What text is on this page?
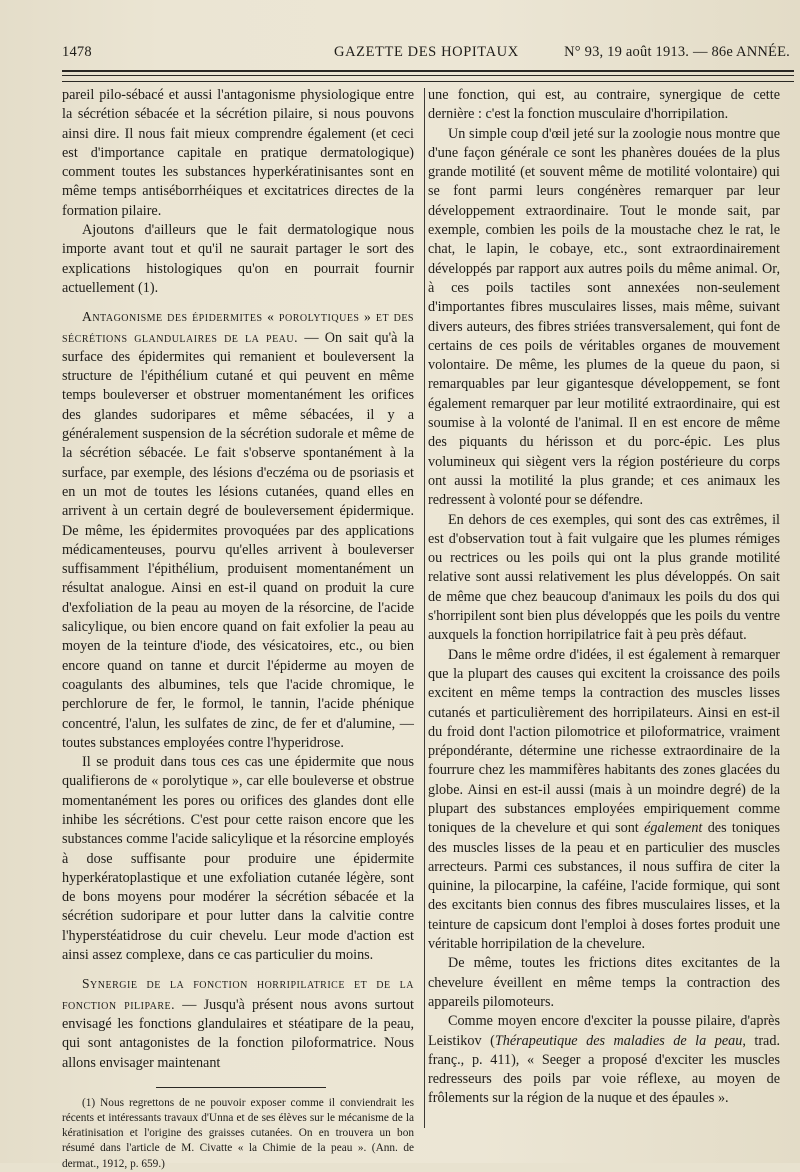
1478	GAZETTE DES HOPITAUX	N° 93, 19 août 1913. — 86e ANNÉE.

pareil pilo-sébacé et aussi l'antagonisme physiologique entre la sécrétion sébacée et la sécrétion pilaire, si nous pouvons ainsi dire. Il nous fait mieux comprendre également (et ceci est d'importance capitale en pratique dermatologique) comment toutes les substances hyperkératinisantes sont en même temps antiséborrhéiques et excitatrices directes de la formation pilaire.

Ajoutons d'ailleurs que le fait dermatologique nous importe avant tout et qu'il ne saurait partager le sort des explications histologiques qu'on en pourrait fournir actuellement (1).

Antagonisme des épidermites « porolytiques » et des sécrétions glandulaires de la peau. — On sait qu'à la surface des épidermites qui remanient et bouleversent la structure de l'épithélium cutané et qui peuvent en même temps bouleverser et obstruer momentanément les orifices des glandes sudoripares et même sébacées, il y a généralement suspension de la sécrétion sudorale et même de la sécrétion sébacée. Le fait s'observe spontanément à la surface, par exemple, des lésions d'eczéma ou de psoriasis et en un mot de toutes les lésions cutanées, quand elles en arrivent à un certain degré de bouleversement épidermique. De même, les épidermites provoquées par des applications médicamenteuses, pourvu qu'elles arrivent à bouleverser suffisamment l'épithélium, produisent momentanément un résultat analogue. Ainsi en est-il quand on produit la cure d'exfoliation de la peau au moyen de la résorcine, de l'acide salicylique, ou bien encore quand on fait exfolier la peau au moyen de la teinture d'iode, des vésicatoires, etc., ou bien encore quand on tanne et durcit l'épiderme au moyen de coagulants des albumines, tels que l'acide chromique, le perchlorure de fer, le formol, le tannin, l'acide phénique concentré, l'alun, les sulfates de zinc, de fer et d'alumine, — toutes substances employées contre l'hyperidrose.

Il se produit dans tous ces cas une épidermite que nous qualifierons de « porolytique », car elle bouleverse et obstrue momentanément les pores ou orifices des glandes dont elle inhibe les sécrétions. C'est pour cette raison encore que les substances comme l'acide salicylique et la résorcine employés à dose suffisante pour produire une épidermite hyperkératoplastique et une exfoliation cutanée légère, sont de bons moyens pour modérer la sécrétion sébacée et la sécrétion sudoripare et pour lutter dans la calvitie contre l'hyperstéatidrose du cuir chevelu. Leur mode d'action est ainsi assez complexe, dans ce cas particulier du moins.

Synergie de la fonction horripilatrice et de la fonction pilipare. — Jusqu'à présent nous avons surtout envisagé les fonctions glandulaires et stéatipare de la peau, qui sont antagonistes de la fonction piloformatrice. Nous allons envisager maintenant

(1) Nous regrettons de ne pouvoir exposer comme il conviendrait les récents et intéressants travaux d'Unna et de ses élèves sur le mécanisme de la kératinisation et l'origine des graisses cutanées. On en trouvera un bon résumé dans l'article de M. Civatte « la Chimie de la peau ». (Ann. de dermat., 1912, p. 659.)

une fonction, qui est, au contraire, synergique de cette dernière : c'est la fonction musculaire d'horripilation.

Un simple coup d'œil jeté sur la zoologie nous montre que d'une façon générale ce sont les phanères douées de la plus grande motilité (et souvent même de motilité volontaire) qui se font parmi leurs congénères remarquer par leur développement extraordinaire. Tout le monde sait, par exemple, combien les poils de la moustache chez le rat, le chat, le lapin, le cobaye, etc., sont extraordinairement développés par rapport aux autres poils du même animal. Or, à ces poils tactiles sont annexées non-seulement d'importantes fibres musculaires lisses, mais même, suivant divers auteurs, des fibres striées transversalement, qui font de certains de ces poils de véritables organes de mouvement volontaire. De même, les plumes de la queue du paon, si remarquables par leur gigantesque développement, se font également remarquer par leur motilité extraordinaire, qui est soumise à la volonté de l'animal. Il en est encore de même des piquants du hérisson et du porc-épic. Les plus volumineux qui siègent vers la région postérieure du corps ont aussi la motilité la plus grande; et ces animaux les redressent à volonté pour se défendre.

En dehors de ces exemples, qui sont des cas extrêmes, il est d'observation tout à fait vulgaire que les plumes rémiges ou rectrices ou les poils qui ont la plus grande motilité relative sont aussi relativement les plus développés. On sait de même que chez beaucoup d'animaux les poils du dos qui s'horripilent sont bien plus développés que les poils du ventre auxquels la fonction horripilatrice fait à peu près défaut.

Dans le même ordre d'idées, il est également à remarquer que la plupart des causes qui excitent la croissance des poils excitent en même temps la contraction des muscles lisses cutanés et particulièrement des horripilateurs. Ainsi en est-il du froid dont l'action pilomotrice et piloformatrice, vraiment prépondérante, détermine une richesse extraordinaire de la fourrure chez les mammifères habitants des zones glacées du globe. Ainsi en est-il aussi (mais à un moindre degré) de la plupart des substances employées empiriquement comme toniques de la chevelure et qui sont également des toniques des muscles lisses de la peau et en particulier des muscles arrecteurs. Parmi ces substances, il nous suffira de citer la quinine, la pilocarpine, la caféine, l'acide formique, qui sont des excitants bien connus des fibres musculaires lisses, et la teinture de capsicum dont l'emploi à doses fortes produit une véritable horripilation de la chevelure.

De même, toutes les frictions dites excitantes de la chevelure éveillent en même temps la contraction des appareils pilomoteurs.

Comme moyen encore d'exciter la pousse pilaire, d'après Leistikov (Thérapeutique des maladies de la peau, trad. franç., p. 411), « Seeger a proposé d'exciter les muscles redresseurs des poils par voie réflexe, au moyen de frôlements sur la région de la nuque et des épaules ».
